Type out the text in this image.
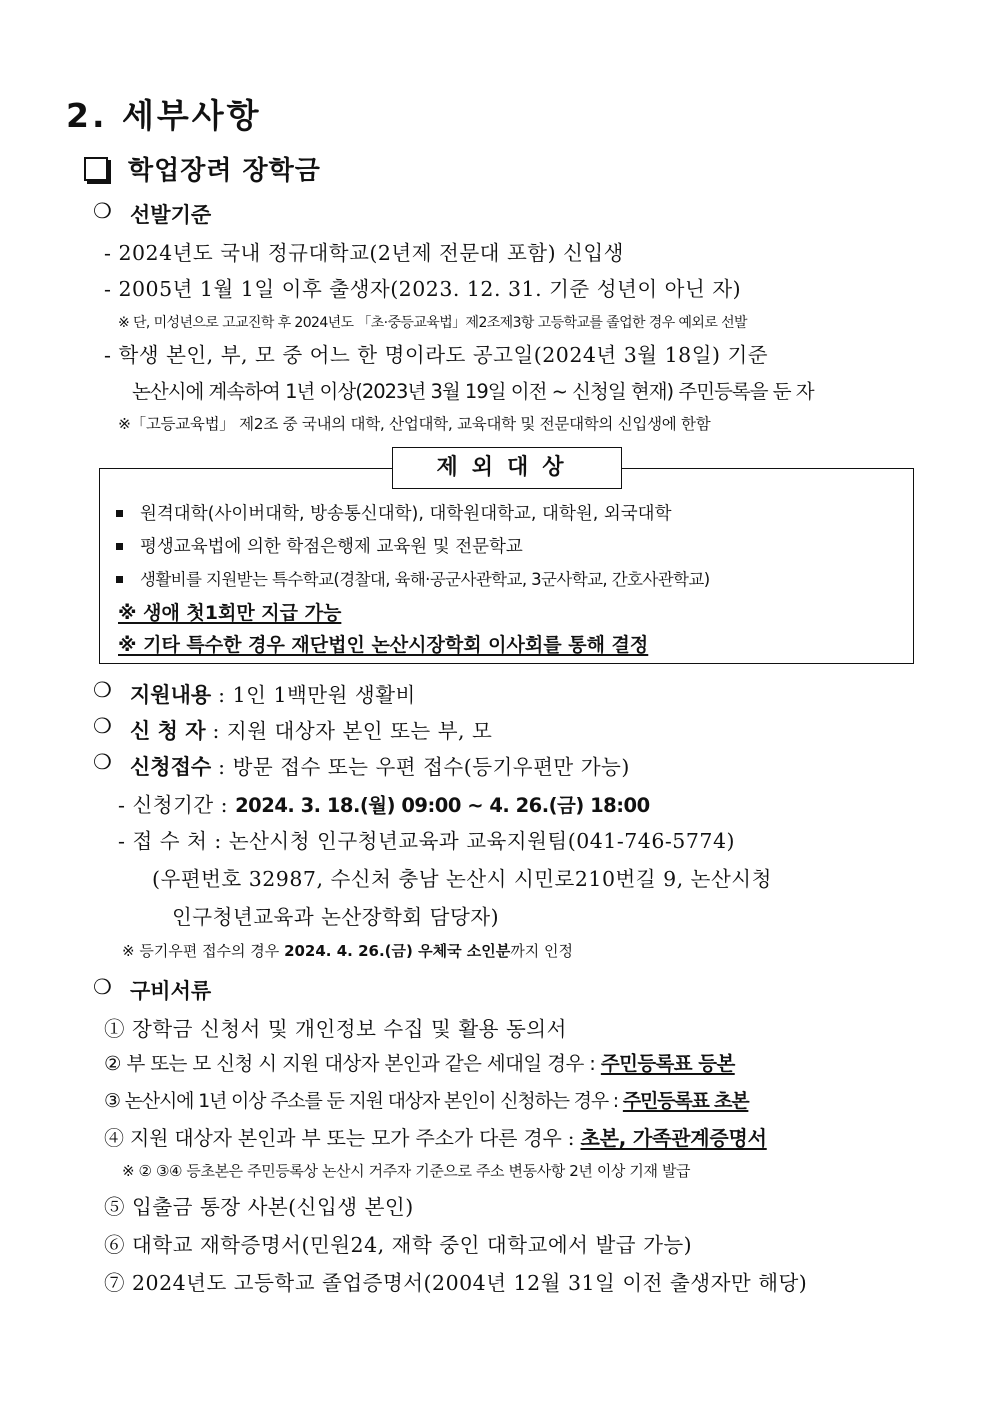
2. 세부사항
학업장려 장학금
❍ 선발기준
- 2024년도 국내 정규대학교(2년제 전문대 포함) 신입생
- 2005년 1월 1일 이후 출생자(2023. 12. 31. 기준 성년이 아닌 자)
※ 단, 미성년으로 고교진학 후 2024년도 「초·중등교육법」제2조제3항 고등학교를 졸업한 경우 예외로 선발
- 학생 본인, 부, 모 중 어느 한 명이라도 공고일(2024년 3월 18일) 기준
논산시에 계속하여 1년 이상(2023년 3월 19일 이전 ~ 신청일 현재) 주민등록을 둔 자
※「고등교육법」 제2조 중 국내의 대학, 산업대학, 교육대학 및 전문대학의 신입생에 한함
제외대상
원격대학(사이버대학, 방송통신대학), 대학원대학교, 대학원, 외국대학
평생교육법에 의한 학점은행제 교육원 및 전문학교
생활비를 지원받는 특수학교(경찰대, 육해·공군사관학교, 3군사학교, 간호사관학교)
※ 생애 첫1회만 지급 가능
※ 기타 특수한 경우 재단법인 논산시장학회 이사회를 통해 결정
❍ 지원내용 : 1인 1백만원 생활비
❍ 신 청 자 : 지원 대상자 본인 또는 부, 모
❍ 신청접수 : 방문 접수 또는 우편 접수(등기우편만 가능)
- 신청기간 : 2024. 3. 18.(월) 09:00 ~ 4. 26.(금) 18:00
- 접 수 처 : 논산시청 인구청년교육과 교육지원팀(041-746-5774)
(우편번호 32987, 수신처 충남 논산시 시민로210번길 9, 논산시청
인구청년교육과 논산장학회 담당자)
※ 등기우편 접수의 경우 2024. 4. 26.(금) 우체국 소인분까지 인정
❍ 구비서류
① 장학금 신청서 및 개인정보 수집 및 활용 동의서
② 부 또는 모 신청 시 지원 대상자 본인과 같은 세대일 경우 : 주민등록표 등본
③ 논산시에 1년 이상 주소를 둔 지원 대상자 본인이 신청하는 경우 : 주민등록표 초본
④ 지원 대상자 본인과 부 또는 모가 주소가 다른 경우 : 초본, 가족관계증명서
※ ② ③④ 등초본은 주민등록상 논산시 거주자 기준으로 주소 변동사항 2년 이상 기재 발급
⑤ 입출금 통장 사본(신입생 본인)
⑥ 대학교 재학증명서(민원24, 재학 중인 대학교에서 발급 가능)
⑦ 2024년도 고등학교 졸업증명서(2004년 12월 31일 이전 출생자만 해당)
